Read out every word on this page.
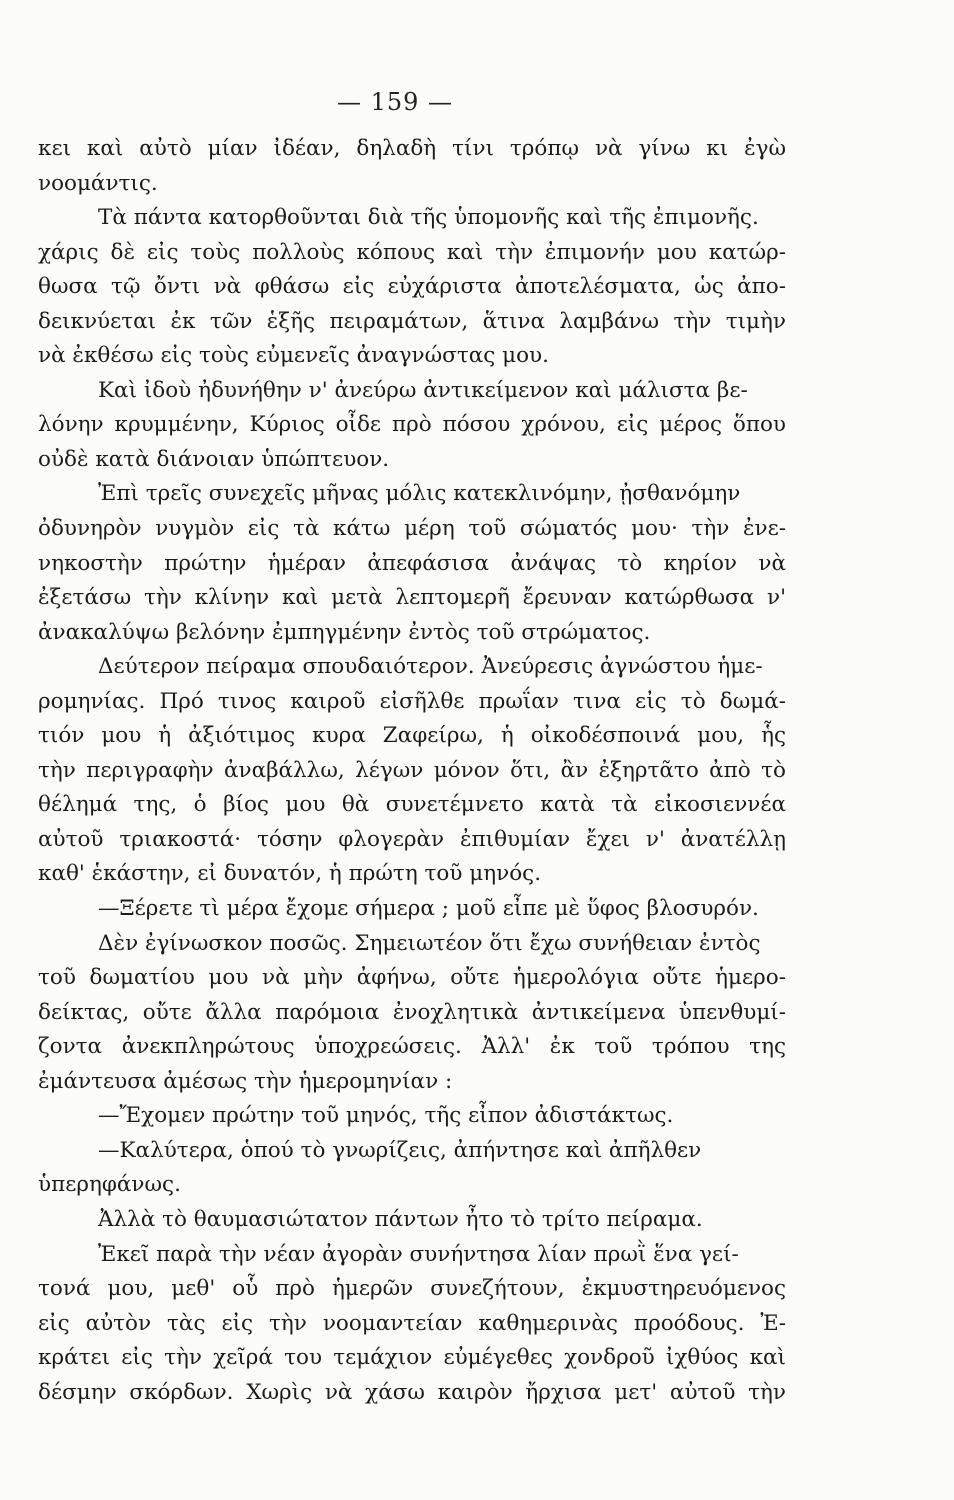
— 159 —
κει καὶ αὐτὸ μίαν ἰδέαν, δηλαδὴ τίνι τρόπῳ νὰ γίνω κι ἐγὼ
νοομάντις.
Τὰ πάντα κατορθοῦνται διὰ τῆς ὑπομονῆς καὶ τῆς ἐπιμονῆς.
χάρις δὲ εἰς τοὺς πολλοὺς κόπους καὶ τὴν ἐπιμονήν μου κατώρ-
θωσα τῷ ὄντι νὰ φθάσω εἰς εὐχάριστα ἀποτελέσματα, ὡς ἀπο-
δεικνύεται ἐκ τῶν ἑξῆς πειραμάτων, ἅτινα λαμβάνω τὴν τιμὴν
νὰ ἐκθέσω εἰς τοὺς εὐμενεῖς ἀναγνώστας μου.
Καὶ ἰδοὺ ἠδυνήθην ν' ἀνεύρω ἀντικείμενον καὶ μάλιστα βε-
λόνην κρυμμένην, Κύριος οἶδε πρὸ πόσου χρόνου, εἰς μέρος ὅπου
οὐδὲ κατὰ διάνοιαν ὑπώπτευον.
Ἐπὶ τρεῖς συνεχεῖς μῆνας μόλις κατεκλινόμην, ᾐσθανόμην
ὀδυνηρὸν νυγμὸν εἰς τὰ κάτω μέρη τοῦ σώματός μου· τὴν ἐνε-
νηκοστὴν πρώτην ἡμέραν ἀπεφάσισα ἀνάψας τὸ κηρίον νὰ
ἐξετάσω τὴν κλίνην καὶ μετὰ λεπτομερῆ ἔρευναν κατώρθωσα ν'
ἀνακαλύψω βελόνην ἐμπηγμένην ἐντὸς τοῦ στρώματος.
Δεύτερον πείραμα σπουδαιότερον. Ἀνεύρεσις ἀγνώστου ἡμε-
ρομηνίας. Πρό τινος καιροῦ εἰσῆλθε πρωΐαν τινα εἰς τὸ δωμά-
τιόν μου ἡ ἀξιότιμος κυρα Ζαφείρω, ἡ οἰκοδέσποινά μου, ἧς
τὴν περιγραφὴν ἀναβάλλω, λέγων μόνον ὅτι, ἂν ἐξηρτᾶτο ἀπὸ τὸ
θέλημά της, ὁ βίος μου θὰ συνετέμνετο κατὰ τὰ εἰκοσιεννέα
αὐτοῦ τριακοστά· τόσην φλογερὰν ἐπιθυμίαν ἔχει ν' ἀνατέλλῃ
καθ' ἑκάστην, εἰ δυνατόν, ἡ πρώτη τοῦ μηνός.
—Ξέρετε τὶ μέρα ἔχομε σήμερα ; μοῦ εἶπε μὲ ὕφος βλοσυρόν.
Δὲν ἐγίνωσκον ποσῶς. Σημειωτέον ὅτι ἔχω συνήθειαν ἐντὸς
τοῦ δωματίου μου νὰ μὴν ἀφήνω, οὔτε ἡμερολόγια οὔτε ἡμερο-
δείκτας, οὔτε ἄλλα παρόμοια ἐνοχλητικὰ ἀντικείμενα ὑπενθυμί-
ζοντα ἀνεκπληρώτους ὑποχρεώσεις. Ἀλλ' ἐκ τοῦ τρόπου της
ἐμάντευσα ἀμέσως τὴν ἡμερομηνίαν :
—Ἔχομεν πρώτην τοῦ μηνός, τῆς εἶπον ἀδιστάκτως.
—Καλύτερα, ὁπού τὸ γνωρίζεις, ἀπήντησε καὶ ἀπῆλθεν
ὑπερηφάνως.
Ἀλλὰ τὸ θαυμασιώτατον πάντων ἦτο τὸ τρίτο πείραμα.
Ἐκεῖ παρὰ τὴν νέαν ἀγορὰν συνήντησα λίαν πρωῒ ἕνα γεί-
τονά μου, μεθ' οὗ πρὸ ἡμερῶν συνεζήτουν, ἐκμυστηρευόμενος
εἰς αὐτὸν τὰς εἰς τὴν νοομαντείαν καθημερινὰς προόδους. Ἐ-
κράτει εἰς τὴν χεῖρά του τεμάχιον εὐμέγεθες χονδροῦ ἰχθύος καὶ
δέσμην σκόρδων. Χωρὶς νὰ χάσω καιρὸν ἤρχισα μετ' αὐτοῦ τὴν
